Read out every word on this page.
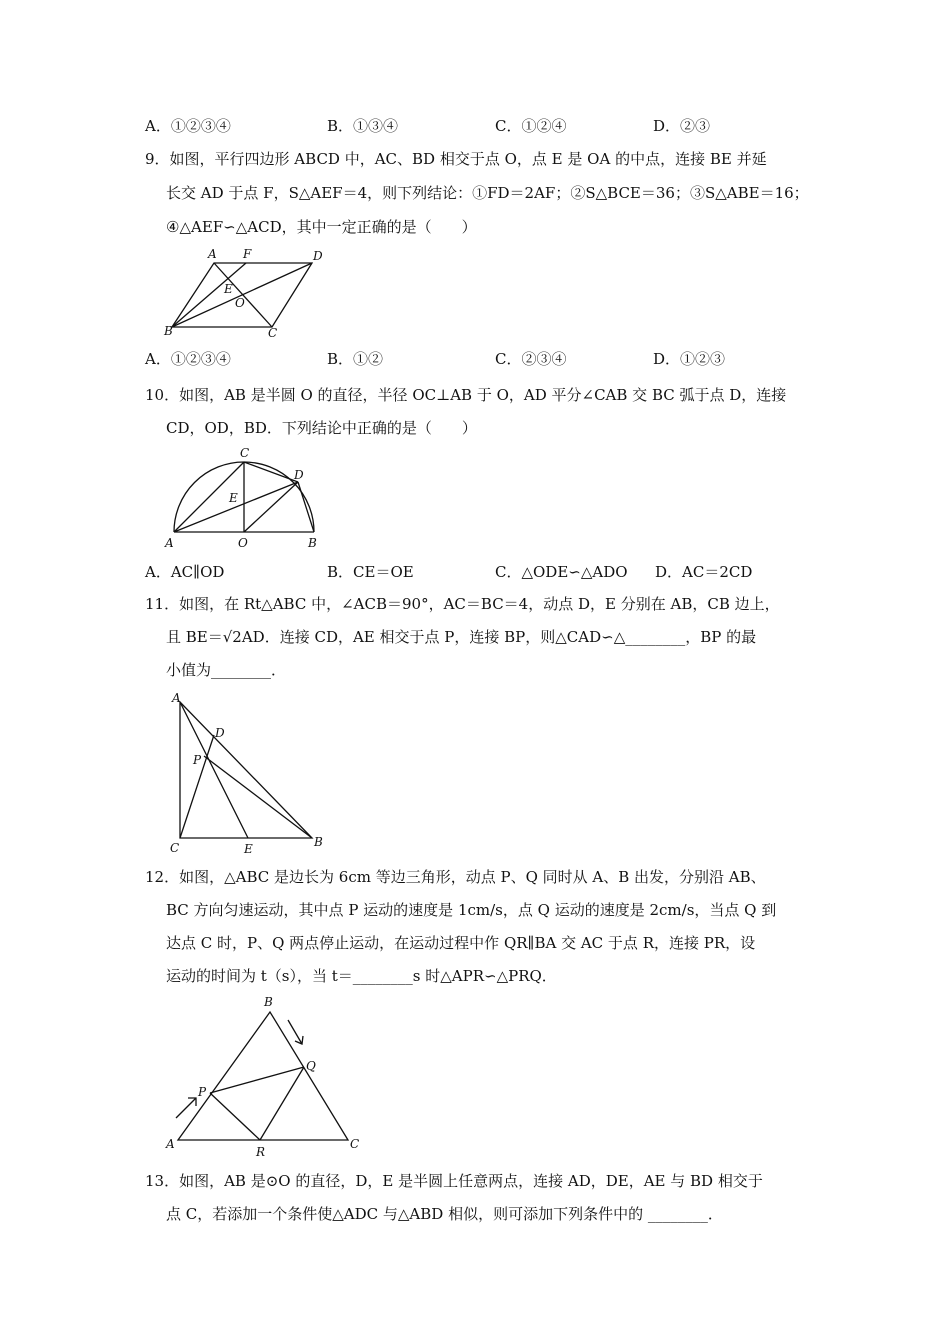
A．①②③④	B．①③④	C．①②④	D．②③
9．如图，平行四边形 ABCD 中，AC、BD 相交于点 O，点 E 是 OA 的中点，连接 BE 并延
长交 AD 于点 F，S△AEF＝4，则下列结论：①FD＝2AF；②S△BCE＝36；③S△ABE＝16；
④△AEF∽△ACD，其中一定正确的是（　　）
A F	D
E
O
B	C
A．①②③④	B．①②	C．②③④	D．①②③
10．如图，AB 是半圆 O 的直径，半径 OC⊥AB 于 O，AD 平分∠CAB 交 BC 弧于点 D，连接
CD，OD，BD．下列结论中正确的是（　　）
C
D
E
A	O	B
A．AC∥OD	B．CE＝OE	C．△ODE∽△ADO D．AC＝2CD
11．如图，在 Rt△ABC 中，∠ACB＝90°，AC＝BC＝4，动点 D，E 分别在 AB，CB 边上，
且 BE＝√2AD．连接 CD，AE 相交于点 P，连接 BP，则△CAD∽△________，BP 的最
小值为________．
A
D
P
C	E	B
12．如图，△ABC 是边长为 6cm 等边三角形，动点 P、Q 同时从 A、B 出发，分别沿 AB、
BC 方向匀速运动，其中点 P 运动的速度是 1cm/s，点 Q 运动的速度是 2cm/s，当点 Q 到
达点 C 时，P、Q 两点停止运动，在运动过程中作 QR∥BA 交 AC 于点 R，连接 PR，设
运动的时间为 t（s），当 t＝________s 时△APR∽△PRQ．
B
Q
P
A
R
C
13．如图，AB 是⊙O 的直径，D，E 是半圆上任意两点，连接 AD，DE，AE 与 BD 相交于
点 C，若添加一个条件使△ADC 与△ABD 相似，则可添加下列条件中的 ________．
